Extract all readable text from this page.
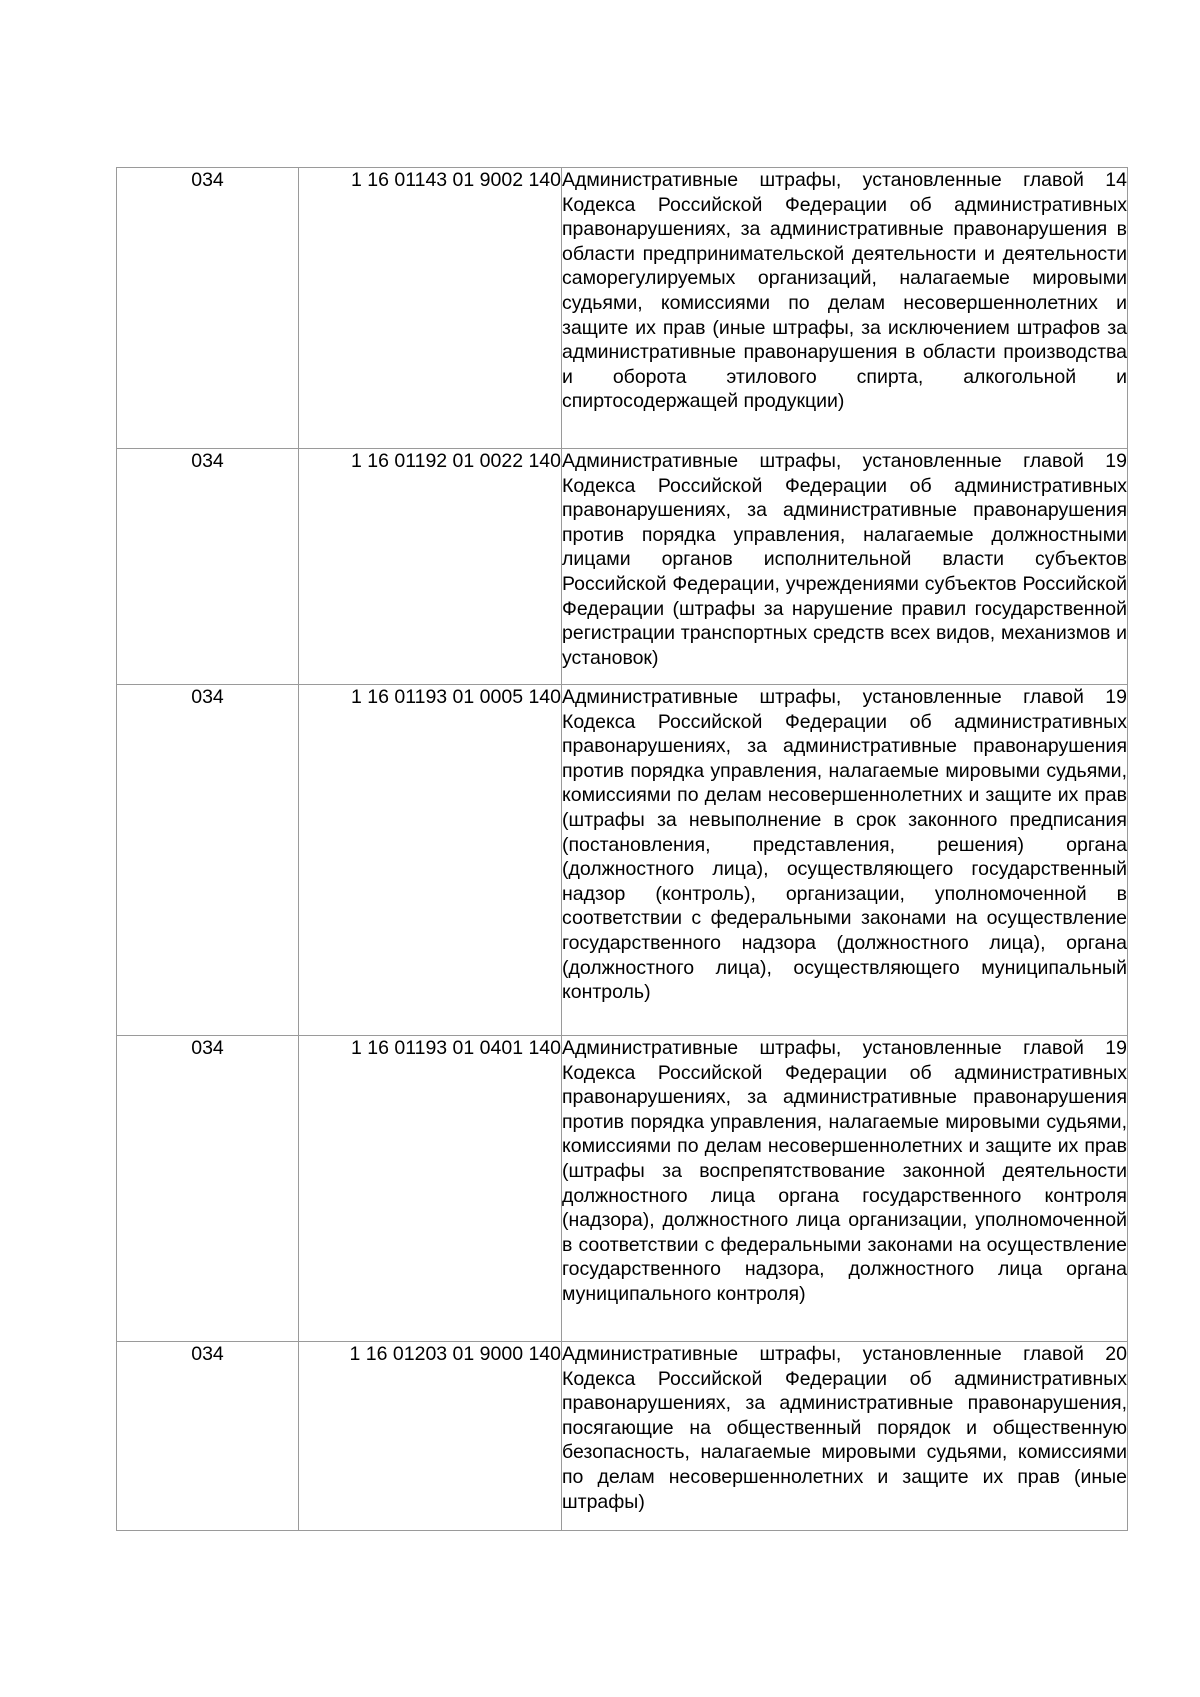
034	1 16 01143 01 9002 140	Административные штрафы, установленные главой 14 Кодекса Российской Федерации об административных правонарушениях, за административные правонарушения в области предпринимательской деятельности и деятельности саморегулируемых организаций, налагаемые мировыми судьями, комиссиями по делам несовершеннолетних и защите их прав (иные штрафы, за исключением штрафов за административные правонарушения в области производства и оборота этилового спирта, алкогольной и спиртосодержащей продукции)

034	1 16 01192 01 0022 140	Административные штрафы, установленные главой 19 Кодекса Российской Федерации об административных правонарушениях, за административные правонарушения против порядка управления, налагаемые должностными лицами органов исполнительной власти субъектов Российской Федерации, учреждениями субъектов Российской Федерации (штрафы за нарушение правил государственной регистрации транспортных средств всех видов, механизмов и установок)

034	1 16 01193 01 0005 140	Административные штрафы, установленные главой 19 Кодекса Российской Федерации об административных правонарушениях, за административные правонарушения против порядка управления, налагаемые мировыми судьями, комиссиями по делам несовершеннолетних и защите их прав (штрафы за невыполнение в срок законного предписания (постановления, представления, решения) органа (должностного лица), осуществляющего государственный надзор (контроль), организации, уполномоченной в соответствии с федеральными законами на осуществление государственного надзора (должностного лица), органа (должностного лица), осуществляющего муниципальный контроль)

034	1 16 01193 01 0401 140	Административные штрафы, установленные главой 19 Кодекса Российской Федерации об административных правонарушениях, за административные правонарушения против порядка управления, налагаемые мировыми судьями, комиссиями по делам несовершеннолетних и защите их прав (штрафы за воспрепятствование законной деятельности должностного лица органа государственного контроля (надзора), должностного лица организации, уполномоченной в соответствии с федеральными законами на осуществление государственного надзора, должностного лица органа муниципального контроля)

034	1 16 01203 01 9000 140	Административные штрафы, установленные главой 20 Кодекса Российской Федерации об административных правонарушениях, за административные правонарушения, посягающие на общественный порядок и общественную безопасность, налагаемые мировыми судьями, комиссиями по делам несовершеннолетних и защите их прав (иные штрафы)
